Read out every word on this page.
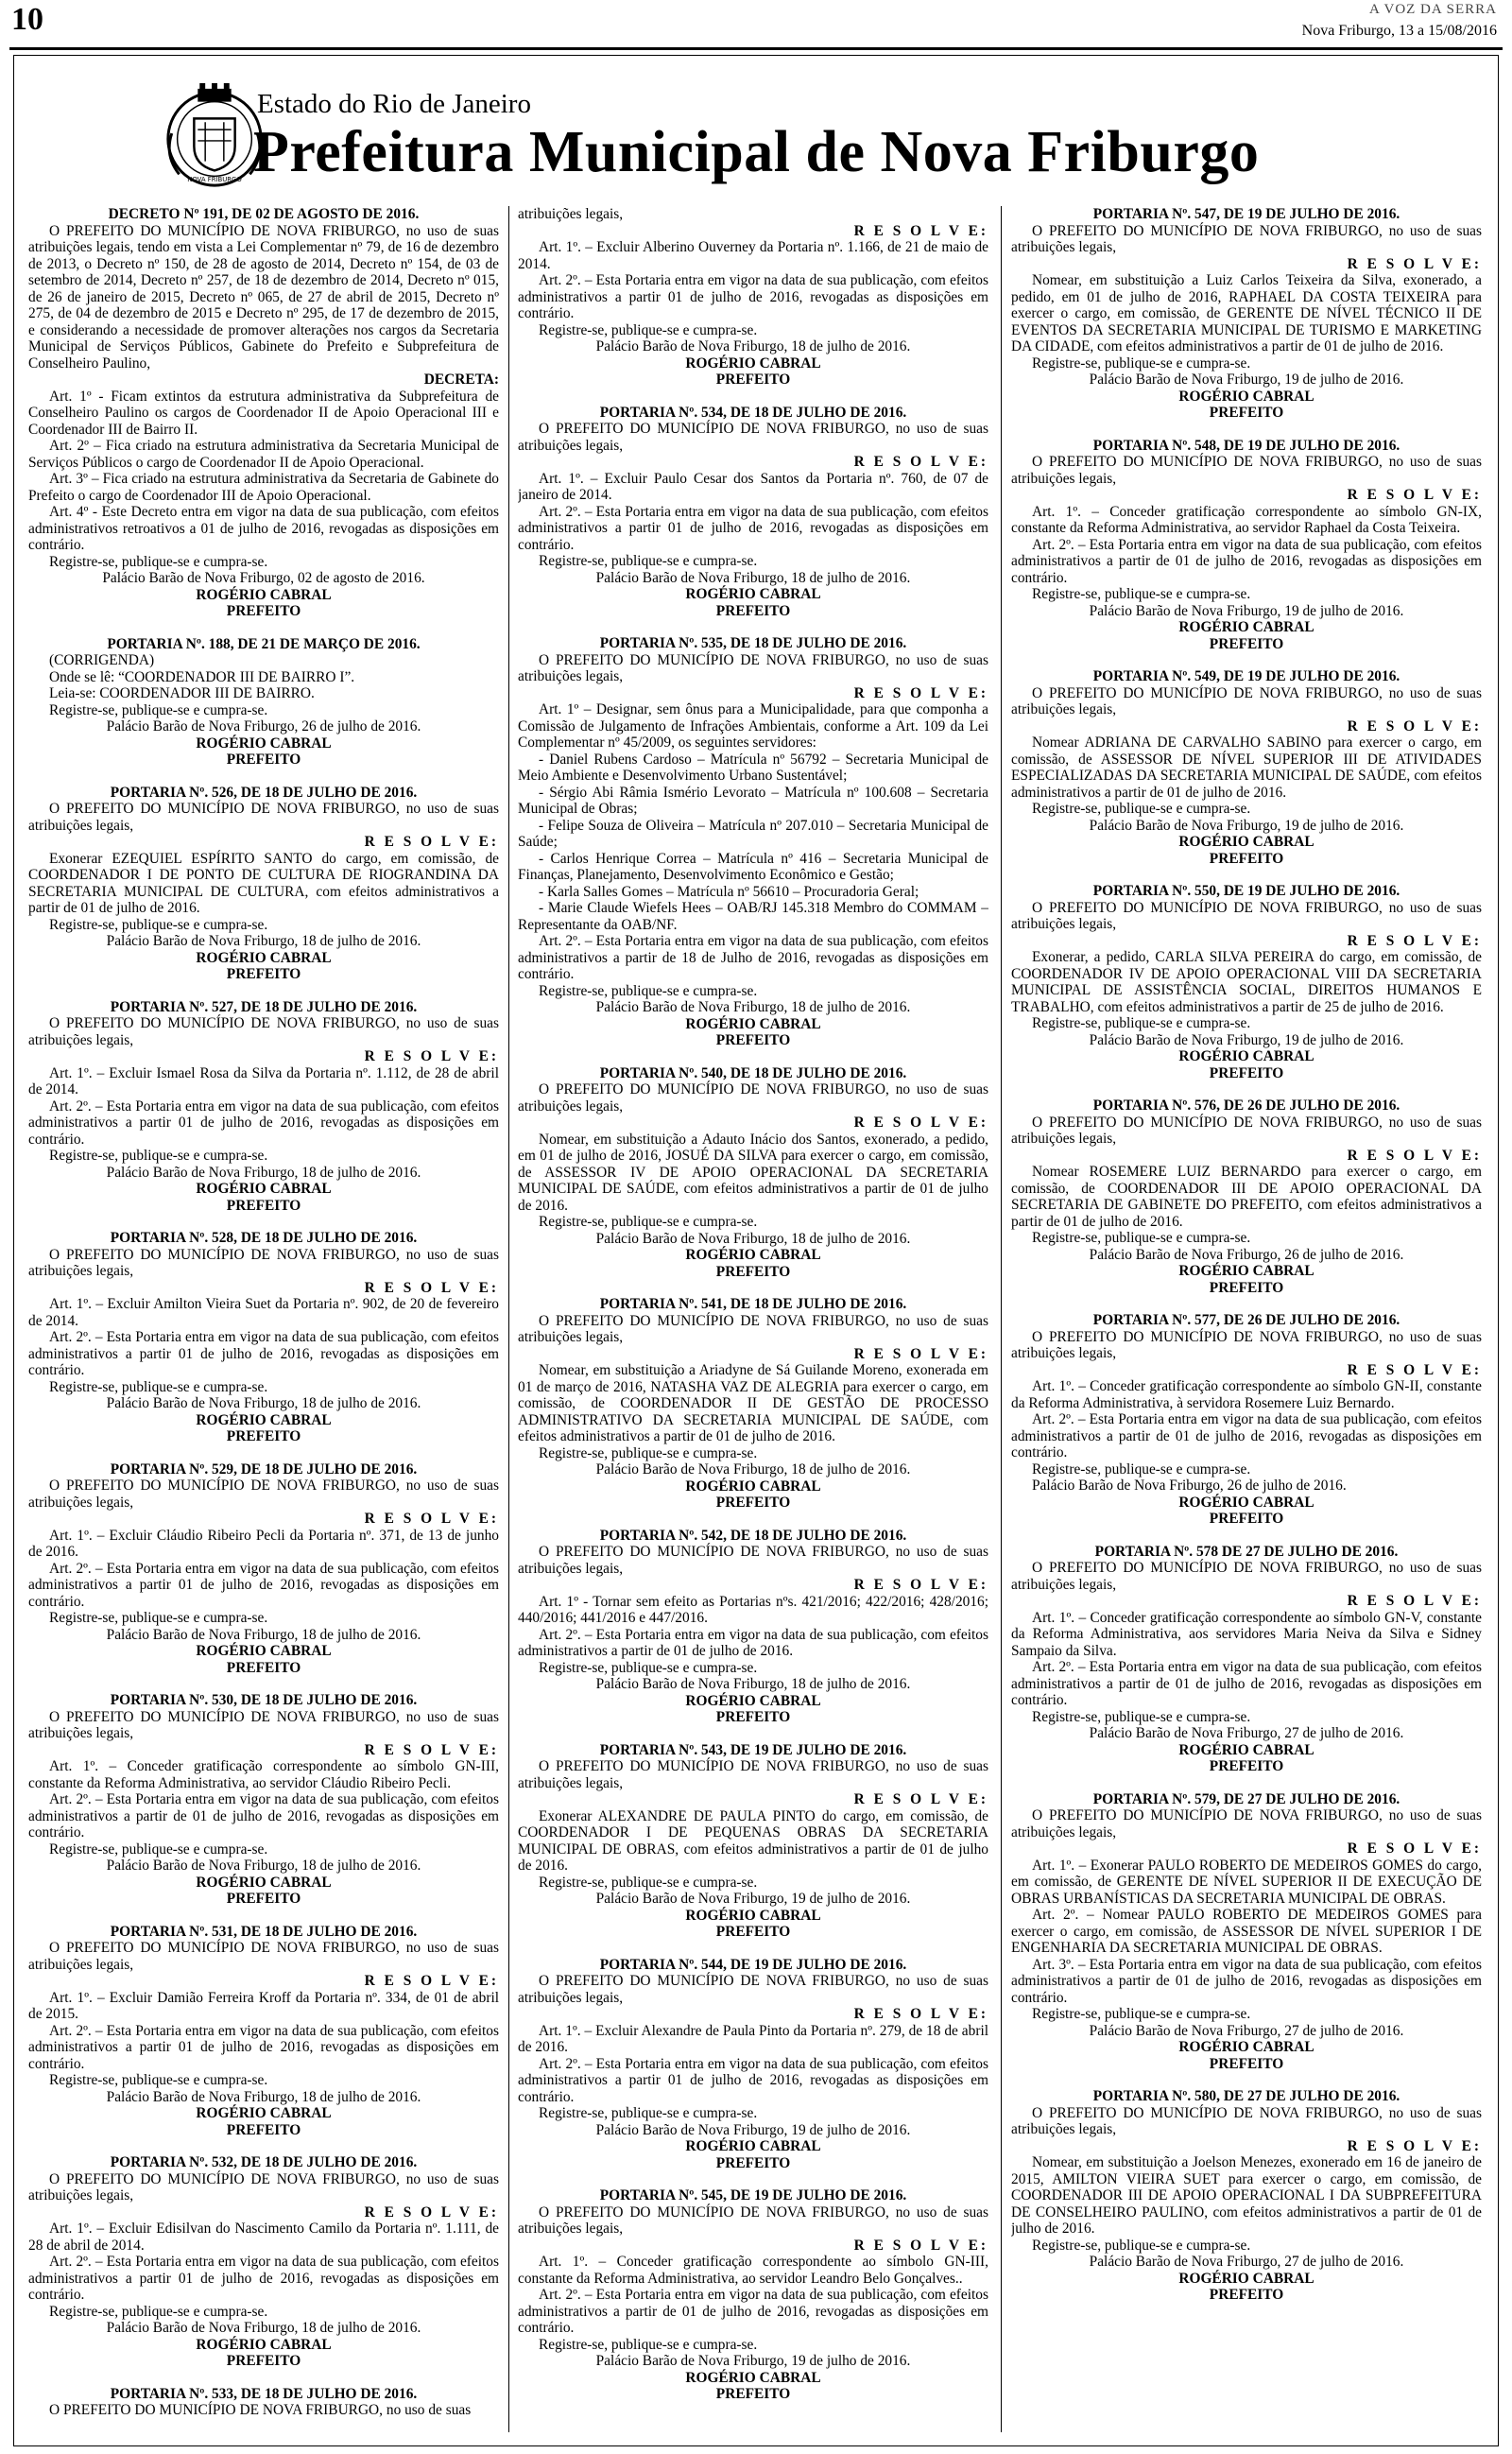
10	A VOZ DA SERRA
Nova Friburgo, 13 a 15/08/2016
NOVA FRIBURGO
Estado do Rio de Janeiro
Prefeitura Municipal de Nova Friburgo
DECRETO Nº 191, DE 02 DE AGOSTO DE 2016.
O PREFEITO DO MUNICÍPIO DE NOVA FRIBURGO, no uso de suas atribuições legais, tendo em vista a Lei Complementar nº 79, de 16 de dezembro de 2013, o Decreto nº 150, de 28 de agosto de 2014, Decreto nº 154, de 03 de setembro de 2014, Decreto nº 257, de 18 de dezembro de 2014, Decreto nº 015, de 26 de janeiro de 2015, Decreto nº 065, de 27 de abril de 2015, Decreto nº 275, de 04 de dezembro de 2015 e Decreto nº 295, de 17 de dezembro de 2015, e considerando a necessidade de promover alterações nos cargos da Secretaria Municipal de Serviços Públicos, Gabinete do Prefeito e Subprefeitura de Conselheiro Paulino,
DECRETA:
Art. 1º - Ficam extintos da estrutura administrativa da Subprefeitura de Conselheiro Paulino os cargos de Coordenador II de Apoio Operacional III e Coordenador III de Bairro II.
Art. 2º – Fica criado na estrutura administrativa da Secretaria Municipal de Serviços Públicos o cargo de Coordenador II de Apoio Operacional.
Art. 3º – Fica criado na estrutura administrativa da Secretaria de Gabinete do Prefeito o cargo de Coordenador III de Apoio Operacional.
Art. 4º - Este Decreto entra em vigor na data de sua publicação, com efeitos administrativos retroativos a 01 de julho de 2016, revogadas as disposições em contrário.
Registre-se, publique-se e cumpra-se.
Palácio Barão de Nova Friburgo, 02 de agosto de 2016.
ROGÉRIO CABRAL
PREFEITO
PORTARIA Nº. 188, DE 21 DE MARÇO DE 2016.
(CORRIGENDA)
Onde se lê: “COORDENADOR III DE BAIRRO I”.
Leia-se: COORDENADOR III DE BAIRRO.
Registre-se, publique-se e cumpra-se.
Palácio Barão de Nova Friburgo, 26 de julho de 2016.
ROGÉRIO CABRAL
PREFEITO
PORTARIA Nº. 526, DE 18 DE JULHO DE 2016.
O PREFEITO DO MUNICÍPIO DE NOVA FRIBURGO, no uso de suas atribuições legais,
R E S O L V E:
Exonerar EZEQUIEL ESPÍRITO SANTO do cargo, em comissão, de COORDENADOR I DE PONTO DE CULTURA DE RIOGRANDINA DA SECRETARIA MUNICIPAL DE CULTURA, com efeitos administrativos a partir de 01 de julho de 2016.
Registre-se, publique-se e cumpra-se.
Palácio Barão de Nova Friburgo, 18 de julho de 2016.
ROGÉRIO CABRAL
PREFEITO
PORTARIA Nº. 527, DE 18 DE JULHO DE 2016.
O PREFEITO DO MUNICÍPIO DE NOVA FRIBURGO, no uso de suas atribuições legais,
R E S O L V E:
Art. 1º. – Excluir Ismael Rosa da Silva da Portaria nº. 1.112, de 28 de abril de 2014.
Art. 2º. – Esta Portaria entra em vigor na data de sua publicação, com efeitos administrativos a partir 01 de julho de 2016, revogadas as disposições em contrário.
Registre-se, publique-se e cumpra-se.
Palácio Barão de Nova Friburgo, 18 de julho de 2016.
ROGÉRIO CABRAL
PREFEITO
PORTARIA Nº. 528, DE 18 DE JULHO DE 2016.
O PREFEITO DO MUNICÍPIO DE NOVA FRIBURGO, no uso de suas atribuições legais,
R E S O L V E:
Art. 1º. – Excluir Amilton Vieira Suet da Portaria nº. 902, de 20 de fevereiro de 2014.
Art. 2º. – Esta Portaria entra em vigor na data de sua publicação, com efeitos administrativos a partir 01 de julho de 2016, revogadas as disposições em contrário.
Registre-se, publique-se e cumpra-se.
Palácio Barão de Nova Friburgo, 18 de julho de 2016.
ROGÉRIO CABRAL
PREFEITO
PORTARIA Nº. 529, DE 18 DE JULHO DE 2016.
O PREFEITO DO MUNICÍPIO DE NOVA FRIBURGO, no uso de suas atribuições legais,
R E S O L V E:
Art. 1º. – Excluir Cláudio Ribeiro Pecli da Portaria nº. 371, de 13 de junho de 2016.
Art. 2º. – Esta Portaria entra em vigor na data de sua publicação, com efeitos administrativos a partir 01 de julho de 2016, revogadas as disposições em contrário.
Registre-se, publique-se e cumpra-se.
Palácio Barão de Nova Friburgo, 18 de julho de 2016.
ROGÉRIO CABRAL
PREFEITO
PORTARIA Nº. 530, DE 18 DE JULHO DE 2016.
O PREFEITO DO MUNICÍPIO DE NOVA FRIBURGO, no uso de suas atribuições legais,
R E S O L V E:
Art. 1º. – Conceder gratificação correspondente ao símbolo GN-III, constante da Reforma Administrativa, ao servidor Cláudio Ribeiro Pecli.
Art. 2º. – Esta Portaria entra em vigor na data de sua publicação, com efeitos administrativos a partir de 01 de julho de 2016, revogadas as disposições em contrário.
Registre-se, publique-se e cumpra-se.
Palácio Barão de Nova Friburgo, 18 de julho de 2016.
ROGÉRIO CABRAL
PREFEITO
PORTARIA Nº. 531, DE 18 DE JULHO DE 2016.
O PREFEITO DO MUNICÍPIO DE NOVA FRIBURGO, no uso de suas atribuições legais,
R E S O L V E:
Art. 1º. – Excluir Damião Ferreira Kroff da Portaria nº. 334, de 01 de abril de 2015.
Art. 2º. – Esta Portaria entra em vigor na data de sua publicação, com efeitos administrativos a partir 01 de julho de 2016, revogadas as disposições em contrário.
Registre-se, publique-se e cumpra-se.
Palácio Barão de Nova Friburgo, 18 de julho de 2016.
ROGÉRIO CABRAL
PREFEITO
PORTARIA Nº. 532, DE 18 DE JULHO DE 2016.
O PREFEITO DO MUNICÍPIO DE NOVA FRIBURGO, no uso de suas atribuições legais,
R E S O L V E:
Art. 1º. – Excluir Edisilvan do Nascimento Camilo da Portaria nº. 1.111, de 28 de abril de 2014.
Art. 2º. – Esta Portaria entra em vigor na data de sua publicação, com efeitos administrativos a partir 01 de julho de 2016, revogadas as disposições em contrário.
Registre-se, publique-se e cumpra-se.
Palácio Barão de Nova Friburgo, 18 de julho de 2016.
ROGÉRIO CABRAL
PREFEITO
PORTARIA Nº. 533, DE 18 DE JULHO DE 2016.
O PREFEITO DO MUNICÍPIO DE NOVA FRIBURGO, no uso de suas
atribuições legais,
R E S O L V E:
Art. 1º. – Excluir Alberino Ouverney da Portaria nº. 1.166, de 21 de maio de 2014.
Art. 2º. – Esta Portaria entra em vigor na data de sua publicação, com efeitos administrativos a partir 01 de julho de 2016, revogadas as disposições em contrário.
Registre-se, publique-se e cumpra-se.
Palácio Barão de Nova Friburgo, 18 de julho de 2016.
ROGÉRIO CABRAL
PREFEITO
PORTARIA Nº. 534, DE 18 DE JULHO DE 2016.
O PREFEITO DO MUNICÍPIO DE NOVA FRIBURGO, no uso de suas atribuições legais,
R E S O L V E:
Art. 1º. – Excluir Paulo Cesar dos Santos da Portaria nº. 760, de 07 de janeiro de 2014.
Art. 2º. – Esta Portaria entra em vigor na data de sua publicação, com efeitos administrativos a partir 01 de julho de 2016, revogadas as disposições em contrário.
Registre-se, publique-se e cumpra-se.
Palácio Barão de Nova Friburgo, 18 de julho de 2016.
ROGÉRIO CABRAL
PREFEITO
PORTARIA Nº. 535, DE 18 DE JULHO DE 2016.
O PREFEITO DO MUNICÍPIO DE NOVA FRIBURGO, no uso de suas atribuições legais,
R E S O L V E:
Art. 1º – Designar, sem ônus para a Municipalidade, para que componha a Comissão de Julgamento de Infrações Ambientais, conforme a Art. 109 da Lei Complementar nº 45/2009, os seguintes servidores:
- Daniel Rubens Cardoso – Matrícula nº 56792 – Secretaria Municipal de Meio Ambiente e Desenvolvimento Urbano Sustentável;
- Sérgio Abi Râmia Ismério Levorato – Matrícula nº 100.608 – Secretaria Municipal de Obras;
- Felipe Souza de Oliveira – Matrícula nº 207.010 – Secretaria Municipal de Saúde;
- Carlos Henrique Correa – Matrícula nº 416 – Secretaria Municipal de Finanças, Planejamento, Desenvolvimento Econômico e Gestão;
- Karla Salles Gomes – Matrícula nº 56610 – Procuradoria Geral;
- Marie Claude Wiefels Hees – OAB/RJ 145.318 Membro do COMMAM – Representante da OAB/NF.
Art. 2º. – Esta Portaria entra em vigor na data de sua publicação, com efeitos administrativos a partir de 18 de Julho de 2016, revogadas as disposições em contrário.
Registre-se, publique-se e cumpra-se.
Palácio Barão de Nova Friburgo, 18 de julho de 2016.
ROGÉRIO CABRAL
PREFEITO
PORTARIA Nº. 540, DE 18 DE JULHO DE 2016.
O PREFEITO DO MUNICÍPIO DE NOVA FRIBURGO, no uso de suas atribuições legais,
R E S O L V E:
Nomear, em substituição a Adauto Inácio dos Santos, exonerado, a pedido, em 01 de julho de 2016, JOSUÉ DA SILVA para exercer o cargo, em comissão, de ASSESSOR IV DE APOIO OPERACIONAL DA SECRETARIA MUNICIPAL DE SAÚDE, com efeitos administrativos a partir de 01 de julho de 2016.
Registre-se, publique-se e cumpra-se.
Palácio Barão de Nova Friburgo, 18 de julho de 2016.
ROGÉRIO CABRAL
PREFEITO
PORTARIA Nº. 541, DE 18 DE JULHO DE 2016.
O PREFEITO DO MUNICÍPIO DE NOVA FRIBURGO, no uso de suas atribuições legais,
R E S O L V E:
Nomear, em substituição a Ariadyne de Sá Guilande Moreno, exonerada em 01 de março de 2016, NATASHA VAZ DE ALEGRIA para exercer o cargo, em comissão, de COORDENADOR II DE GESTÃO DE PROCESSO ADMINISTRATIVO DA SECRETARIA MUNICIPAL DE SAÚDE, com efeitos administrativos a partir de 01 de julho de 2016.
Registre-se, publique-se e cumpra-se.
Palácio Barão de Nova Friburgo, 18 de julho de 2016.
ROGÉRIO CABRAL
PREFEITO
PORTARIA Nº. 542, DE 18 DE JULHO DE 2016.
O PREFEITO DO MUNICÍPIO DE NOVA FRIBURGO, no uso de suas atribuições legais,
R E S O L V E:
Art. 1º - Tornar sem efeito as Portarias nºs. 421/2016; 422/2016; 428/2016; 440/2016; 441/2016 e 447/2016.
Art. 2º. – Esta Portaria entra em vigor na data de sua publicação, com efeitos administrativos a partir de 01 de julho de 2016.
Registre-se, publique-se e cumpra-se.
Palácio Barão de Nova Friburgo, 18 de julho de 2016.
ROGÉRIO CABRAL
PREFEITO
PORTARIA Nº. 543, DE 19 DE JULHO DE 2016.
O PREFEITO DO MUNICÍPIO DE NOVA FRIBURGO, no uso de suas atribuições legais,
R E S O L V E:
Exonerar ALEXANDRE DE PAULA PINTO do cargo, em comissão, de COORDENADOR I DE PEQUENAS OBRAS DA SECRETARIA MUNICIPAL DE OBRAS, com efeitos administrativos a partir de 01 de julho de 2016.
Registre-se, publique-se e cumpra-se.
Palácio Barão de Nova Friburgo, 19 de julho de 2016.
ROGÉRIO CABRAL
PREFEITO
PORTARIA Nº. 544, DE 19 DE JULHO DE 2016.
O PREFEITO DO MUNICÍPIO DE NOVA FRIBURGO, no uso de suas atribuições legais,
R E S O L V E:
Art. 1º. – Excluir Alexandre de Paula Pinto da Portaria nº. 279, de 18 de abril de 2016.
Art. 2º. – Esta Portaria entra em vigor na data de sua publicação, com efeitos administrativos a partir 01 de julho de 2016, revogadas as disposições em contrário.
Registre-se, publique-se e cumpra-se.
Palácio Barão de Nova Friburgo, 19 de julho de 2016.
ROGÉRIO CABRAL
PREFEITO
PORTARIA Nº. 545, DE 19 DE JULHO DE 2016.
O PREFEITO DO MUNICÍPIO DE NOVA FRIBURGO, no uso de suas atribuições legais,
R E S O L V E:
Art. 1º. – Conceder gratificação correspondente ao símbolo GN-III, constante da Reforma Administrativa, ao servidor Leandro Belo Gonçalves..
Art. 2º. – Esta Portaria entra em vigor na data de sua publicação, com efeitos administrativos a partir de 01 de julho de 2016, revogadas as disposições em contrário.
Registre-se, publique-se e cumpra-se.
Palácio Barão de Nova Friburgo, 19 de julho de 2016.
ROGÉRIO CABRAL
PREFEITO
PORTARIA Nº. 547, DE 19 DE JULHO DE 2016.
O PREFEITO DO MUNICÍPIO DE NOVA FRIBURGO, no uso de suas atribuições legais,
R E S O L V E:
Nomear, em substituição a Luiz Carlos Teixeira da Silva, exonerado, a pedido, em 01 de julho de 2016, RAPHAEL DA COSTA TEIXEIRA para exercer o cargo, em comissão, de GERENTE DE NÍVEL TÉCNICO II DE EVENTOS DA SECRETARIA MUNICIPAL DE TURISMO E MARKETING DA CIDADE, com efeitos administrativos a partir de 01 de julho de 2016.
Registre-se, publique-se e cumpra-se.
Palácio Barão de Nova Friburgo, 19 de julho de 2016.
ROGÉRIO CABRAL
PREFEITO
PORTARIA Nº. 548, DE 19 DE JULHO DE 2016.
O PREFEITO DO MUNICÍPIO DE NOVA FRIBURGO, no uso de suas atribuições legais,
R E S O L V E:
Art. 1º. – Conceder gratificação correspondente ao símbolo GN-IX, constante da Reforma Administrativa, ao servidor Raphael da Costa Teixeira.
Art. 2º. – Esta Portaria entra em vigor na data de sua publicação, com efeitos administrativos a partir de 01 de julho de 2016, revogadas as disposições em contrário.
Registre-se, publique-se e cumpra-se.
Palácio Barão de Nova Friburgo, 19 de julho de 2016.
ROGÉRIO CABRAL
PREFEITO
PORTARIA Nº. 549, DE 19 DE JULHO DE 2016.
O PREFEITO DO MUNICÍPIO DE NOVA FRIBURGO, no uso de suas atribuições legais,
R E S O L V E:
Nomear ADRIANA DE CARVALHO SABINO para exercer o cargo, em comissão, de ASSESSOR DE NÍVEL SUPERIOR III DE ATIVIDADES ESPECIALIZADAS DA SECRETARIA MUNICIPAL DE SAÚDE, com efeitos administrativos a partir de 01 de julho de 2016.
Registre-se, publique-se e cumpra-se.
Palácio Barão de Nova Friburgo, 19 de julho de 2016.
ROGÉRIO CABRAL
PREFEITO
PORTARIA Nº. 550, DE 19 DE JULHO DE 2016.
O PREFEITO DO MUNICÍPIO DE NOVA FRIBURGO, no uso de suas atribuições legais,
R E S O L V E:
Exonerar, a pedido, CARLA SILVA PEREIRA do cargo, em comissão, de COORDENADOR IV DE APOIO OPERACIONAL VIII DA SECRETARIA MUNICIPAL DE ASSISTÊNCIA SOCIAL, DIREITOS HUMANOS E TRABALHO, com efeitos administrativos a partir de 25 de julho de 2016.
Registre-se, publique-se e cumpra-se.
Palácio Barão de Nova Friburgo, 19 de julho de 2016.
ROGÉRIO CABRAL
PREFEITO
PORTARIA Nº. 576, DE 26 DE JULHO DE 2016.
O PREFEITO DO MUNICÍPIO DE NOVA FRIBURGO, no uso de suas atribuições legais,
R E S O L V E:
Nomear ROSEMERE LUIZ BERNARDO para exercer o cargo, em comissão, de COORDENADOR III DE APOIO OPERACIONAL DA SECRETARIA DE GABINETE DO PREFEITO, com efeitos administrativos a partir de 01 de julho de 2016.
Registre-se, publique-se e cumpra-se.
Palácio Barão de Nova Friburgo, 26 de julho de 2016.
ROGÉRIO CABRAL
PREFEITO
PORTARIA Nº. 577, DE 26 DE JULHO DE 2016.
O PREFEITO DO MUNICÍPIO DE NOVA FRIBURGO, no uso de suas atribuições legais,
R E S O L V E:
Art. 1º. – Conceder gratificação correspondente ao símbolo GN-II, constante da Reforma Administrativa, à servidora Rosemere Luiz Bernardo.
Art. 2º. – Esta Portaria entra em vigor na data de sua publicação, com efeitos administrativos a partir de 01 de julho de 2016, revogadas as disposições em contrário.
Registre-se, publique-se e cumpra-se.
Palácio Barão de Nova Friburgo, 26 de julho de 2016.
ROGÉRIO CABRAL
PREFEITO
PORTARIA Nº. 578 DE 27 DE JULHO DE 2016.
O PREFEITO DO MUNICÍPIO DE NOVA FRIBURGO, no uso de suas atribuições legais,
R E S O L V E:
Art. 1º. – Conceder gratificação correspondente ao símbolo GN-V, constante da Reforma Administrativa, aos servidores Maria Neiva da Silva e Sidney Sampaio da Silva.
Art. 2º. – Esta Portaria entra em vigor na data de sua publicação, com efeitos administrativos a partir de 01 de julho de 2016, revogadas as disposições em contrário.
Registre-se, publique-se e cumpra-se.
Palácio Barão de Nova Friburgo, 27 de julho de 2016.
ROGÉRIO CABRAL
PREFEITO
PORTARIA Nº. 579, DE 27 DE JULHO DE 2016.
O PREFEITO DO MUNICÍPIO DE NOVA FRIBURGO, no uso de suas atribuições legais,
R E S O L V E:
Art. 1º. – Exonerar PAULO ROBERTO DE MEDEIROS GOMES do cargo, em comissão, de GERENTE DE NÍVEL SUPERIOR II DE EXECUÇÃO DE OBRAS URBANÍSTICAS DA SECRETARIA MUNICIPAL DE OBRAS.
Art. 2º. – Nomear PAULO ROBERTO DE MEDEIROS GOMES para exercer o cargo, em comissão, de ASSESSOR DE NÍVEL SUPERIOR I DE ENGENHARIA DA SECRETARIA MUNICIPAL DE OBRAS.
Art. 3º. – Esta Portaria entra em vigor na data de sua publicação, com efeitos administrativos a partir de 01 de julho de 2016, revogadas as disposições em contrário.
Registre-se, publique-se e cumpra-se.
Palácio Barão de Nova Friburgo, 27 de julho de 2016.
ROGÉRIO CABRAL
PREFEITO
PORTARIA Nº. 580, DE 27 DE JULHO DE 2016.
O PREFEITO DO MUNICÍPIO DE NOVA FRIBURGO, no uso de suas atribuições legais,
R E S O L V E:
Nomear, em substituição a Joelson Menezes, exonerado em 16 de janeiro de 2015, AMILTON VIEIRA SUET para exercer o cargo, em comissão, de COORDENADOR III DE APOIO OPERACIONAL I DA SUBPREFEITURA DE CONSELHEIRO PAULINO, com efeitos administrativos a partir de 01 de julho de 2016.
Registre-se, publique-se e cumpra-se.
Palácio Barão de Nova Friburgo, 27 de julho de 2016.
ROGÉRIO CABRAL
PREFEITO
